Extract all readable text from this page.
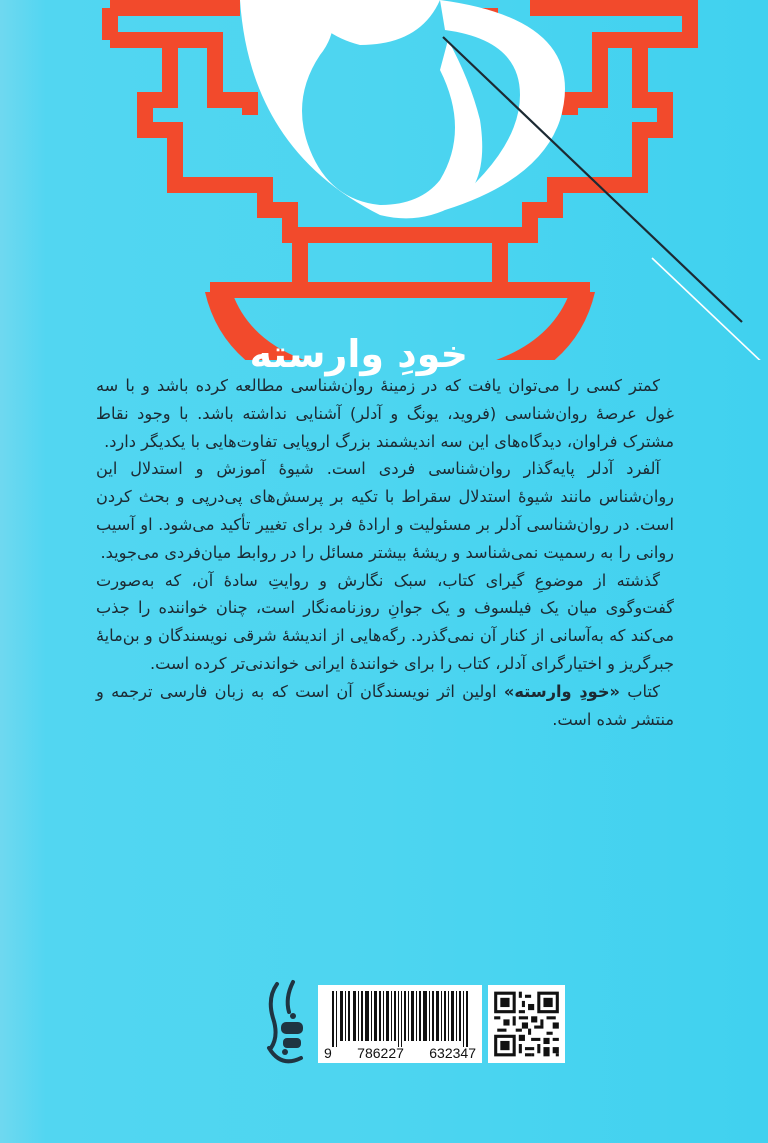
خودِ وارسته

کمتر کسی را می‌توان یافت که در زمینهٔ روان‌شناسی مطالعه کرده باشد و با سه غول عرصهٔ روان‌شناسی (فروید، یونگ و آدلر) آشنایی نداشته باشد. با وجود نقاط مشترک فراوان، دیدگاه‌های این سه اندیشمند بزرگ اروپایی تفاوت‌هایی با یکدیگر دارد.

آلفرد آدلر پایه‌گذار روان‌شناسی فردی است. شیوهٔ آموزش و استدلال این روان‌شناس مانند شیوهٔ استدلال سقراط با تکیه بر پرسش‌های پی‌درپی و بحث کردن است. در روان‌شناسی آدلر بر مسئولیت و ارادهٔ فرد برای تغییر تأکید می‌شود. او آسیب روانی را به رسمیت نمی‌شناسد و ریشهٔ بیشتر مسائل را در روابط میان‌فردی می‌جوید.

گذشته از موضوعِ گیرای کتاب، سبک نگارش و روایتِ سادهٔ آن، که به‌صورت گفت‌وگوی میان یک فیلسوف و یک جوانِ روزنامه‌نگار است، چنان خواننده را جذب می‌کند که به‌آسانی از کنار آن نمی‌گذرد. رگه‌هایی از اندیشهٔ شرقی نویسندگان و بن‌مایهٔ جبرگریز و اختیارگرای آدلر، کتاب را برای خوانندهٔ ایرانی خواندنی‌تر کرده است.

کتاب «خودِ وارسته» اولین اثر نویسندگان آن است که به زبان فارسی ترجمه و منتشر شده است.

9 786227 632347
